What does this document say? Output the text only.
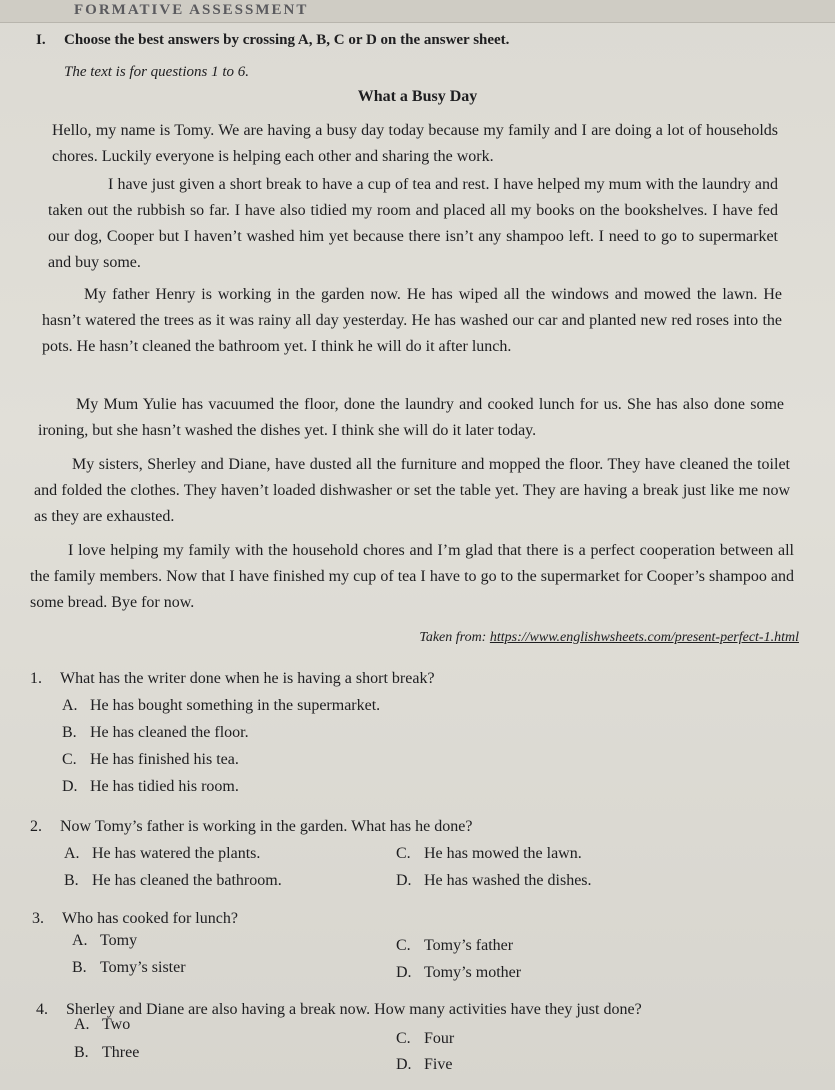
FORMATIVE ASSESSMENT
I. Choose the best answers by crossing A, B, C or D on the answer sheet.
The text is for questions 1 to 6.
What a Busy Day
Hello, my name is Tomy. We are having a busy day today because my family and I are doing a lot of households chores. Luckily everyone is helping each other and sharing the work.
I have just given a short break to have a cup of tea and rest. I have helped my mum with the laundry and taken out the rubbish so far. I have also tidied my room and placed all my books on the bookshelves. I have fed our dog, Cooper but I haven’t washed him yet because there isn’t any shampoo left. I need to go to supermarket and buy some.
My father Henry is working in the garden now. He has wiped all the windows and mowed the lawn. He hasn’t watered the trees as it was rainy all day yesterday. He has washed our car and planted new red roses into the pots. He hasn’t cleaned the bathroom yet. I think he will do it after lunch.
My Mum Yulie has vacuumed the floor, done the laundry and cooked lunch for us. She has also done some ironing, but she hasn’t washed the dishes yet. I think she will do it later today.
My sisters, Sherley and Diane, have dusted all the furniture and mopped the floor. They have cleaned the toilet and folded the clothes. They haven’t loaded dishwasher or set the table yet. They are having a break just like me now as they are exhausted.
I love helping my family with the household chores and I’m glad that there is a perfect cooperation between all the family members. Now that I have finished my cup of tea I have to go to the supermarket for Cooper’s shampoo and some bread. Bye for now.
Taken from: https://www.englishwsheets.com/present-perfect-1.html
1. What has the writer done when he is having a short break?
A. He has bought something in the supermarket.
B. He has cleaned the floor.
C. He has finished his tea.
D. He has tidied his room.
2. Now Tomy’s father is working in the garden. What has he done?
A. He has watered the plants.
B. He has cleaned the bathroom.
C. He has mowed the lawn.
D. He has washed the dishes.
3. Who has cooked for lunch?
A. Tomy
B. Tomy’s sister
C. Tomy’s father
D. Tomy’s mother
4. Sherley and Diane are also having a break now. How many activities have they just done?
A. Two
B. Three
C. Four
D. Five
